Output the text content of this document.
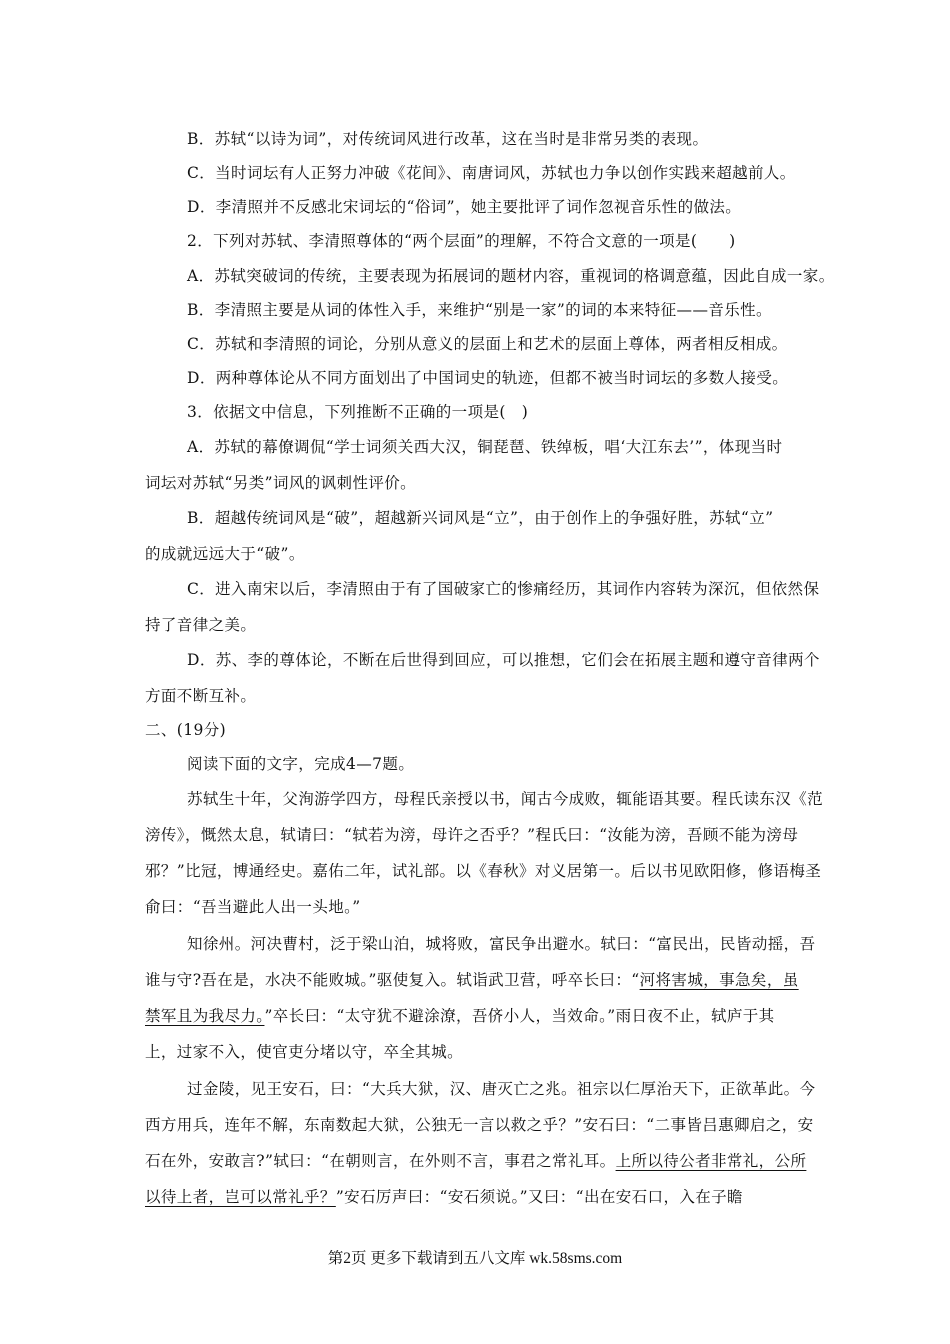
B．苏轼“以诗为词”，对传统词风进行改革，这在当时是非常另类的表现。
C．当时词坛有人正努力冲破《花间》、南唐词风，苏轼也力争以创作实践来超越前人。
D．李清照并不反感北宋词坛的“俗词”，她主要批评了词作忽视音乐性的做法。
2．下列对苏轼、李清照尊体的“两个层面”的理解，不符合文意的一项是(　　)
A．苏轼突破词的传统，主要表现为拓展词的题材内容，重视词的格调意蕴，因此自成一家。
B．李清照主要是从词的体性入手，来维护“别是一家”的词的本来特征——音乐性。
C．苏轼和李清照的词论，分别从意义的层面上和艺术的层面上尊体，两者相反相成。
D．两种尊体论从不同方面划出了中国词史的轨迹，但都不被当时词坛的多数人接受。
3．依据文中信息，下列推断不正确的一项是(　)
A．苏轼的幕僚调侃“学士词须关西大汉，铜琵琶、铁绰板，唱‘大江东去’”，体现当时
词坛对苏轼“另类”词风的讽刺性评价。
B．超越传统词风是“破”，超越新兴词风是“立”，由于创作上的争强好胜，苏轼“立”
的成就远远大于“破”。
C．进入南宋以后，李清照由于有了国破家亡的惨痛经历，其词作内容转为深沉，但依然保
持了音律之美。
D．苏、李的尊体论，不断在后世得到回应，可以推想，它们会在拓展主题和遵守音律两个
方面不断互补。
二、(19分)
阅读下面的文字，完成4—7题。
苏轼生十年，父洵游学四方，母程氏亲授以书，闻古今成败，辄能语其要。程氏读东汉《范
滂传》，慨然太息，轼请曰：“轼若为滂，母许之否乎？”程氏曰：“汝能为滂，吾顾不能为滂母
邪？”比冠，博通经史。嘉佑二年，试礼部。以《春秋》对义居第一。后以书见欧阳修，修语梅圣
俞曰：“吾当避此人出一头地。”
知徐州。河决曹村，泛于梁山泊，城将败，富民争出避水。轼曰：“富民出，民皆动摇，吾
谁与守?吾在是，水决不能败城。”驱使复入。轼诣武卫营，呼卒长曰：“河将害城，事急矣，虽
禁军且为我尽力。”卒长曰：“太守犹不避涂潦，吾侪小人，当效命。”雨日夜不止，轼庐于其
上，过家不入，使官吏分堵以守，卒全其城。
过金陵，见王安石，曰：“大兵大狱，汉、唐灭亡之兆。祖宗以仁厚治天下，正欲革此。今
西方用兵，连年不解，东南数起大狱，公独无一言以救之乎？”安石曰：“二事皆吕惠卿启之，安
石在外，安敢言?”轼曰：“在朝则言，在外则不言，事君之常礼耳。上所以待公者非常礼，公所
以待上者，岂可以常礼乎？”安石厉声曰：“安石须说。”又曰：“出在安石口，入在子瞻
第2页 更多下载请到五八文库 wk.58sms.com
